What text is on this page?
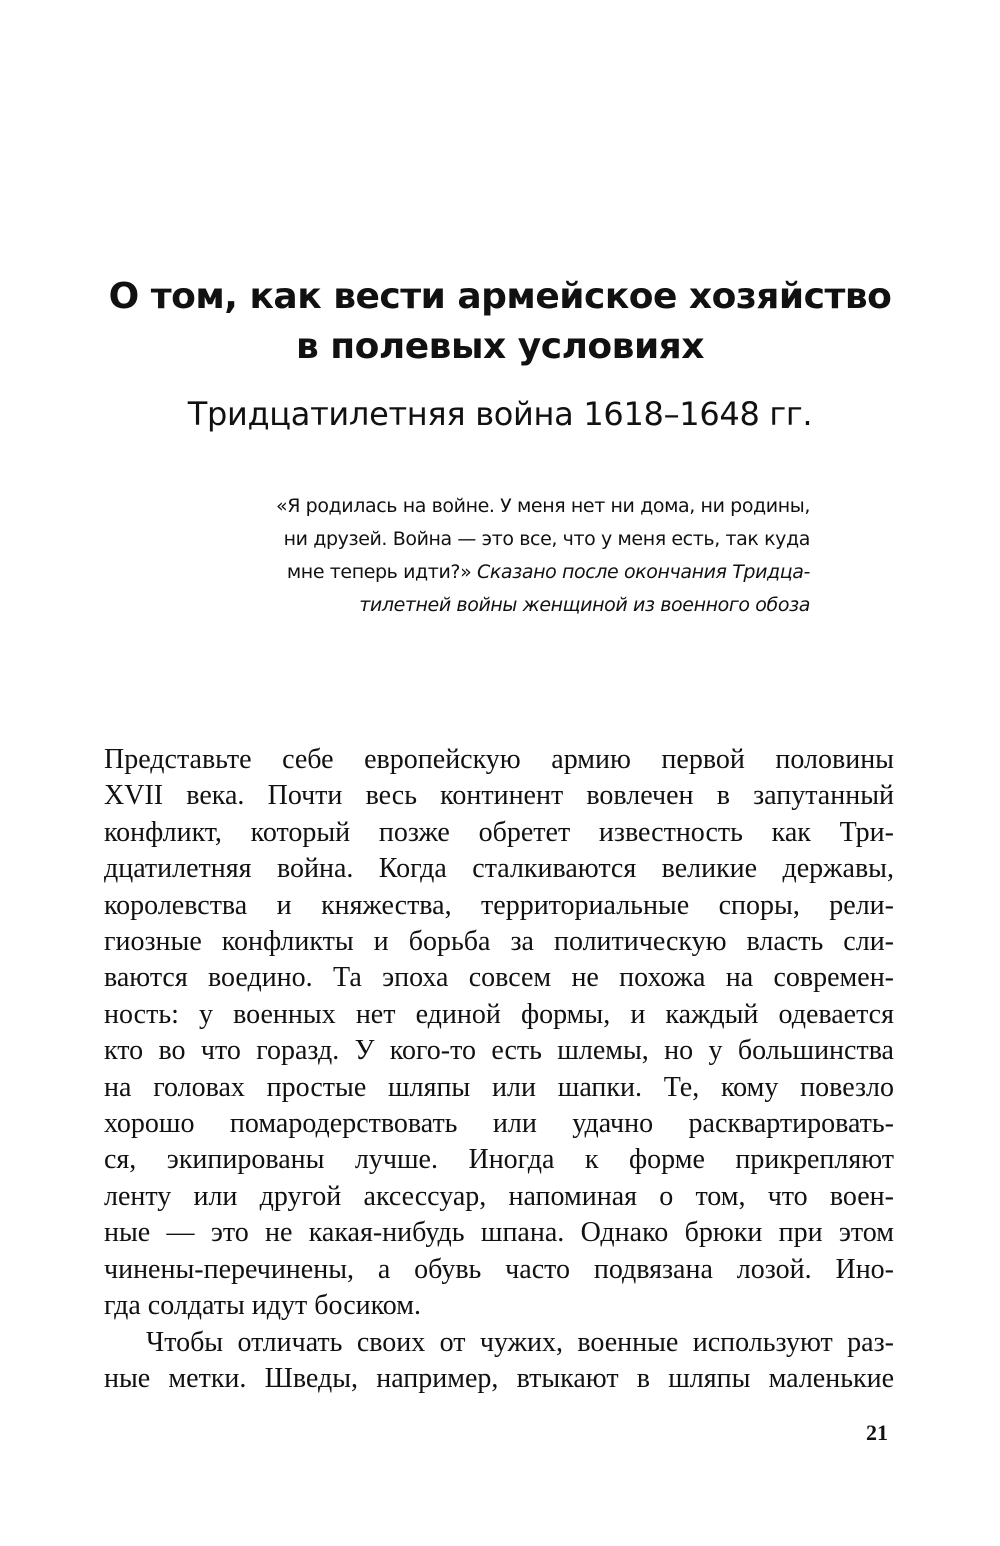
О том, как вести армейское хозяйство
в полевых условиях
Тридцатилетняя война 1618–1648 гг.
«Я родилась на войне. У меня нет ни дома, ни родины,
ни друзей. Война — это все, что у меня есть, так куда
мне теперь идти?» Сказано после окончания Тридца-
тилетней войны женщиной из военного обоза
Представьте себе европейскую армию первой половины
XVII века. Почти весь континент вовлечен в запутанный
конфликт, который позже обретет известность как Три-
дцатилетняя война. Когда сталкиваются великие державы,
королевства и княжества, территориальные споры, рели-
гиозные конфликты и борьба за политическую власть сли-
ваются воедино. Та эпоха совсем не похожа на современ-
ность: у военных нет единой формы, и каждый одевается
кто во что горазд. У кого-то есть шлемы, но у большинства
на головах простые шляпы или шапки. Те, кому повезло
хорошо помародерствовать или удачно расквартировать-
ся, экипированы лучше. Иногда к форме прикрепляют
ленту или другой аксессуар, напоминая о том, что воен-
ные — это не какая-нибудь шпана. Однако брюки при этом
чинены-перечинены, а обувь часто подвязана лозой. Ино-
гда солдаты идут босиком.
Чтобы отличать своих от чужих, военные используют раз-
ные метки. Шведы, например, втыкают в шляпы маленькие
21
